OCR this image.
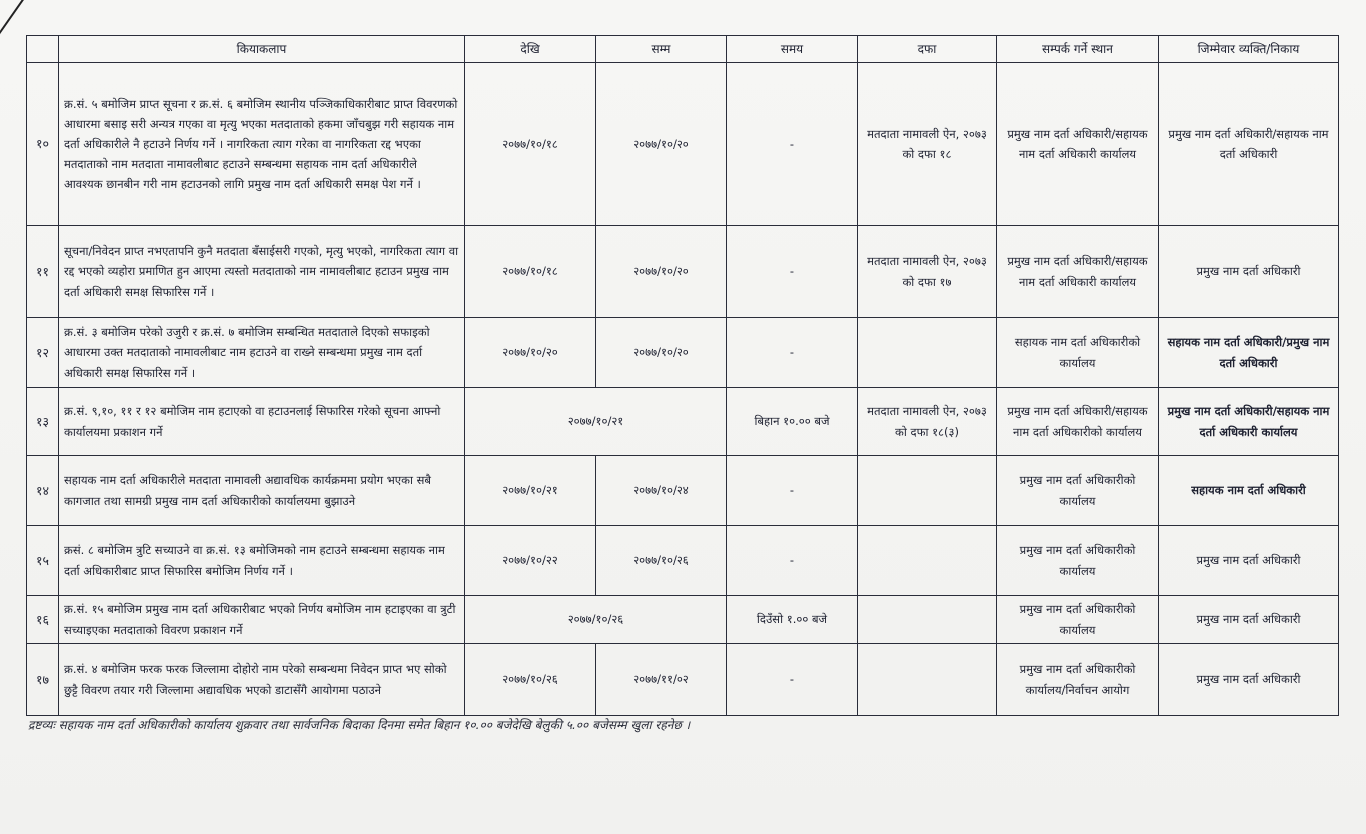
	कियाकलाप	देखि	सम्म	समय	दफा	सम्पर्क गर्ने स्थान	जिम्मेवार व्यक्ति/निकाय
१०	क्र.सं. ५ बमोजिम प्राप्त सूचना र क्र.सं. ६ बमोजिम स्थानीय पञ्जिकाधिकारीबाट प्राप्त विवरणको आधारमा बसाइ सरी अन्यत्र गएका वा मृत्यु भएका मतदाताको हकमा जाँचबुझ गरी सहायक नाम दर्ता अधिकारीले नै हटाउने निर्णय गर्ने । नागरिकता त्याग गरेका वा नागरिकता रद्द भएका मतदाताको नाम मतदाता नामावलीबाट हटाउने सम्बन्धमा सहायक नाम दर्ता अधिकारीले आवश्यक छानबीन गरी नाम हटाउनको लागि प्रमुख नाम दर्ता अधिकारी समक्ष पेश गर्ने ।	२०७७/१०/१८	२०७७/१०/२०	-	मतदाता नामावली ऐन, २०७३ को दफा १८	प्रमुख नाम दर्ता अधिकारी/सहायक नाम दर्ता अधिकारी कार्यालय	प्रमुख नाम दर्ता अधिकारी/सहायक नाम दर्ता अधिकारी
११	सूचना/निवेदन प्राप्त नभएतापनि कुनै मतदाता बँसाईसरी गएको, मृत्यु भएको, नागरिकता त्याग वा रद्द भएको व्यहोरा प्रमाणित हुन आएमा त्यस्तो मतदाताको नाम नामावलीबाट हटाउन प्रमुख नाम दर्ता अधिकारी समक्ष सिफारिस गर्ने ।	२०७७/१०/१८	२०७७/१०/२०	-	मतदाता नामावली ऐन, २०७३ को दफा १७	प्रमुख नाम दर्ता अधिकारी/सहायक नाम दर्ता अधिकारी कार्यालय	प्रमुख नाम दर्ता अधिकारी
१२	क्र.सं. ३ बमोजिम परेको उजुरी र क्र.सं. ७ बमोजिम सम्बन्धित मतदाताले दिएको सफाइको आधारमा उक्त मतदाताको नामावलीबाट नाम हटाउने वा राख्ने सम्बन्धमा प्रमुख नाम दर्ता अधिकारी समक्ष सिफारिस गर्ने ।	२०७७/१०/२०	२०७७/१०/२०	-		सहायक नाम दर्ता अधिकारीको कार्यालय	सहायक नाम दर्ता अधिकारी/प्रमुख नाम दर्ता अधिकारी
१३	क्र.सं. ९,१०, ११ र १२ बमोजिम नाम हटाएको वा हटाउनलाई सिफारिस गरेको सूचना आफ्नो कार्यालयमा प्रकाशन गर्ने	२०७७/१०/२१		बिहान १०.०० बजे	मतदाता नामावली ऐन, २०७३ को दफा १८(३)	प्रमुख नाम दर्ता अधिकारी/सहायक नाम दर्ता अधिकारीको कार्यालय	प्रमुख नाम दर्ता अधिकारी/सहायक नाम दर्ता अधिकारी कार्यालय
१४	सहायक नाम दर्ता अधिकारीले मतदाता नामावली अद्यावधिक कार्यक्रममा प्रयोग भएका सबै कागजात तथा सामग्री प्रमुख नाम दर्ता अधिकारीको कार्यालयमा बुझाउने	२०७७/१०/२१	२०७७/१०/२४	-		प्रमुख नाम दर्ता अधिकारीको कार्यालय	सहायक नाम दर्ता अधिकारी
१५	क्रसं. ८ बमोजिम त्रुटि सच्याउने वा क्र.सं. १३ बमोजिमको नाम हटाउने सम्बन्धमा सहायक नाम दर्ता अधिकारीबाट प्राप्त सिफारिस बमोजिम निर्णय गर्ने ।	२०७७/१०/२२	२०७७/१०/२६	-		प्रमुख नाम दर्ता अधिकारीको कार्यालय	प्रमुख नाम दर्ता अधिकारी
१६	क्र.सं. १५ बमोजिम प्रमुख नाम दर्ता अधिकारीबाट भएको निर्णय बमोजिम नाम हटाइएका वा त्रुटी सच्याइएका मतदाताको विवरण प्रकाशन गर्ने	२०७७/१०/२६		दिउँसो १.०० बजे		प्रमुख नाम दर्ता अधिकारीको कार्यालय	प्रमुख नाम दर्ता अधिकारी
१७	क्र.सं. ४ बमोजिम फरक फरक जिल्लामा दोहोरो नाम परेको सम्बन्धमा निवेदन प्राप्त भए सोको छुट्टै विवरण तयार गरी जिल्लामा अद्यावधिक भएको डाटासँगै आयोगमा पठाउने	२०७७/१०/२६	२०७७/११/०२	-		प्रमुख नाम दर्ता अधिकारीको कार्यालय/निर्वाचन आयोग	प्रमुख नाम दर्ता अधिकारी
द्रष्टव्यः सहायक नाम दर्ता अधिकारीको कार्यालय शुक्रवार तथा सार्वजनिक बिदाका दिनमा समेत बिहान १०.०० बजेदेखि बेलुकी ५.०० बजेसम्म खुला रहनेछ ।
